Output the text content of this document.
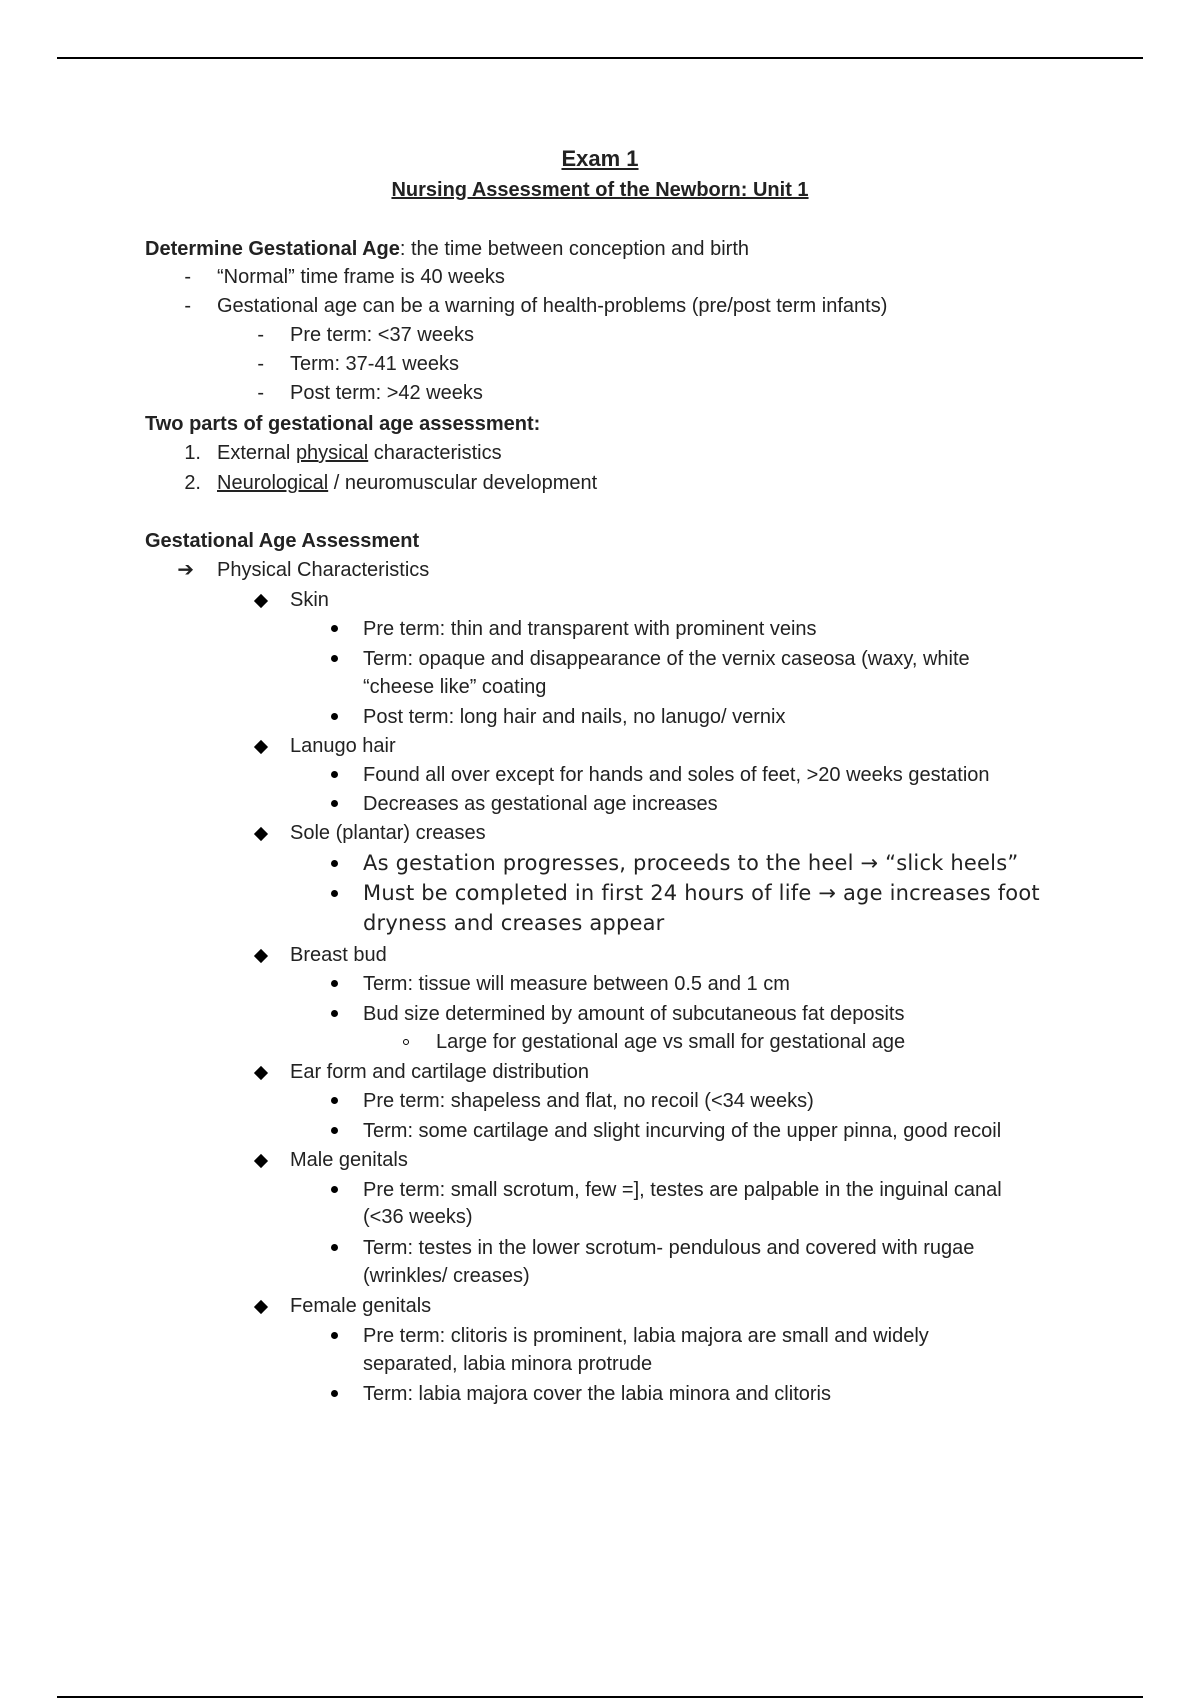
Exam 1
Nursing Assessment of the Newborn: Unit 1
Determine Gestational Age: the time between conception and birth
- “Normal” time frame is 40 weeks
- Gestational age can be a warning of health-problems (pre/post term infants)
- Pre term: <37 weeks
- Term: 37-41 weeks
- Post term: >42 weeks
Two parts of gestational age assessment:
1. External physical characteristics
2. Neurological / neuromuscular development
Gestational Age Assessment
➔ Physical Characteristics
Skin
Pre term: thin and transparent with prominent veins
Term: opaque and disappearance of the vernix caseosa (waxy, white
“cheese like” coating
Post term: long hair and nails, no lanugo/ vernix
Lanugo hair
Found all over except for hands and soles of feet, >20 weeks gestation
Decreases as gestational age increases
Sole (plantar) creases
As gestation progresses, proceeds to the heel → “slick heels”
Must be completed in first 24 hours of life → age increases foot
dryness and creases appear
Breast bud
Term: tissue will measure between 0.5 and 1 cm
Bud size determined by amount of subcutaneous fat deposits
Large for gestational age vs small for gestational age
Ear form and cartilage distribution
Pre term: shapeless and flat, no recoil (<34 weeks)
Term: some cartilage and slight incurving of the upper pinna, good recoil
Male genitals
Pre term: small scrotum, few =], testes are palpable in the inguinal canal
(<36 weeks)
Term: testes in the lower scrotum- pendulous and covered with rugae
(wrinkles/ creases)
Female genitals
Pre term: clitoris is prominent, labia majora are small and widely
separated, labia minora protrude
Term: labia majora cover the labia minora and clitoris
